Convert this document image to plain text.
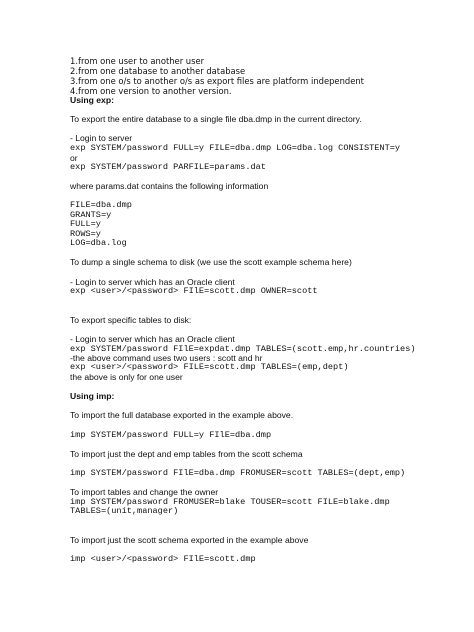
1.from one user to another user
2.from one database to another database
3.from one o/s to another o/s as export files are platform independent
4.from one version to another version.
Using exp:
To export the entire database to a single file dba.dmp in the current directory.
- Login to server
exp SYSTEM/password FULL=y FILE=dba.dmp LOG=dba.log CONSISTENT=y
or
exp SYSTEM/password PARFILE=params.dat
where params.dat contains the following information
FILE=dba.dmp
GRANTS=y
FULL=y
ROWS=y
LOG=dba.log
To dump a single schema to disk (we use the scott example schema here)
- Login to server which has an Oracle client
exp <user>/<password> FIlE=scott.dmp OWNER=scott
To export specific tables to disk:
- Login to server which has an Oracle client
exp SYSTEM/password FIlE=expdat.dmp TABLES=(scott.emp,hr.countries)
-the above command uses two users : scott and hr
exp <user>/<password> FILE=scott.dmp TABLES=(emp,dept)
the above is only for one user
Using imp:
To import the full database exported in the example above.
imp SYSTEM/password FULL=y FIlE=dba.dmp
To import just the dept and emp tables from the scott schema
imp SYSTEM/password FIlE=dba.dmp FROMUSER=scott TABLES=(dept,emp)
To import tables and change the owner
imp SYSTEM/password FROMUSER=blake TOUSER=scott FILE=blake.dmp
TABLES=(unit,manager)
To import just the scott schema exported in the example above
imp <user>/<password> FIlE=scott.dmp
